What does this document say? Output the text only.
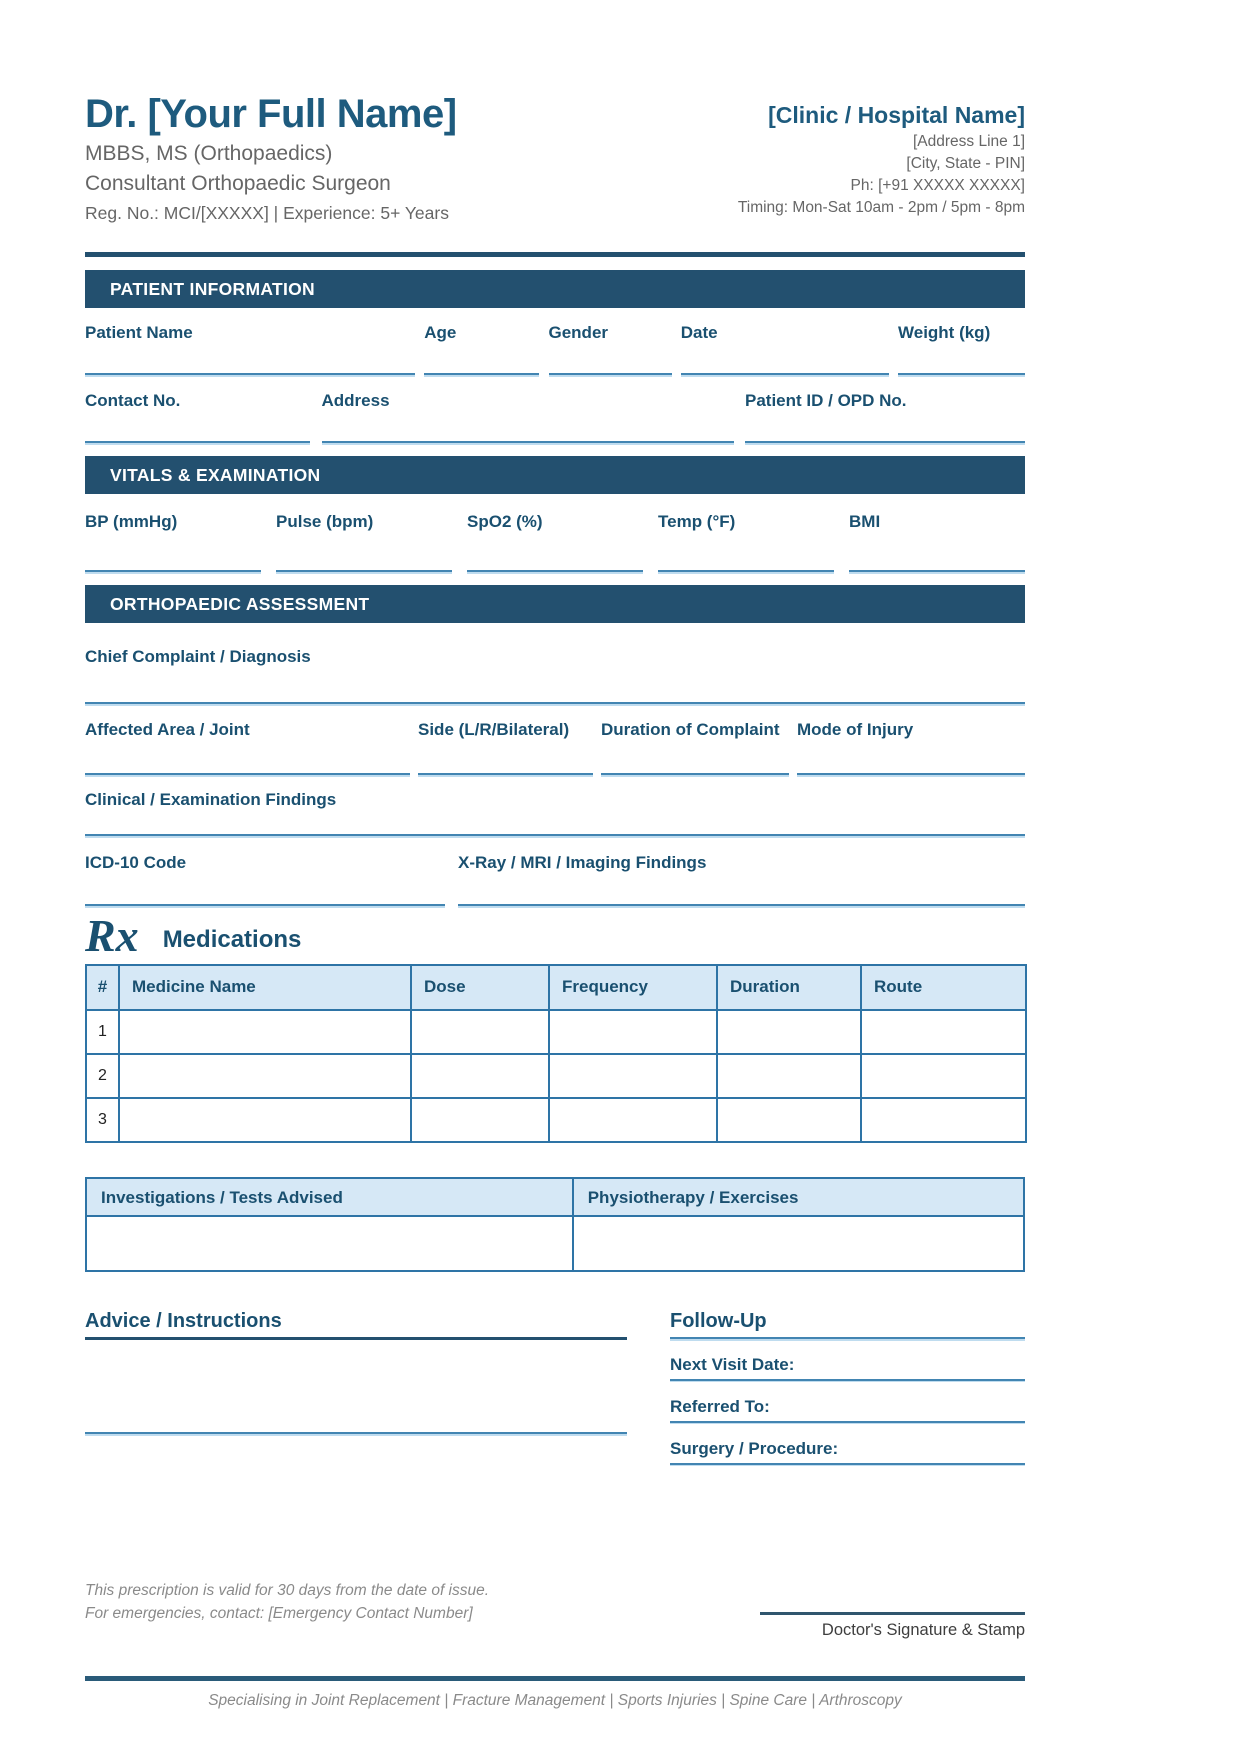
Dr. [Your Full Name]
MBBS, MS (Orthopaedics)
Consultant Orthopaedic Surgeon
Reg. No.: MCI/[XXXXX] | Experience: 5+ Years
[Clinic / Hospital Name]
[Address Line 1]
[City, State - PIN]
Ph: [+91 XXXXX XXXXX]
Timing: Mon-Sat 10am - 2pm / 5pm - 8pm
PATIENT INFORMATION
Patient Name	Age	Gender	Date	Weight (kg)
Contact No.	Address	Patient ID / OPD No.
VITALS & EXAMINATION
BP (mmHg)	Pulse (bpm)	SpO2 (%)	Temp (°F)	BMI
ORTHOPAEDIC ASSESSMENT
Chief Complaint / Diagnosis
Affected Area / Joint	Side (L/R/Bilateral)	Duration of Complaint	Mode of Injury
Clinical / Examination Findings
ICD-10 Code	X-Ray / MRI / Imaging Findings
Rx Medications
#	Medicine Name	Dose	Frequency	Duration	Route
1					
2					
3					
Investigations / Tests Advised	Physiotherapy / Exercises
Advice / Instructions	Follow-Up
Next Visit Date:
Referred To:
Surgery / Procedure:
This prescription is valid for 30 days from the date of issue.
For emergencies, contact: [Emergency Contact Number]
Doctor's Signature & Stamp
Specialising in Joint Replacement | Fracture Management | Sports Injuries | Spine Care | Arthroscopy
